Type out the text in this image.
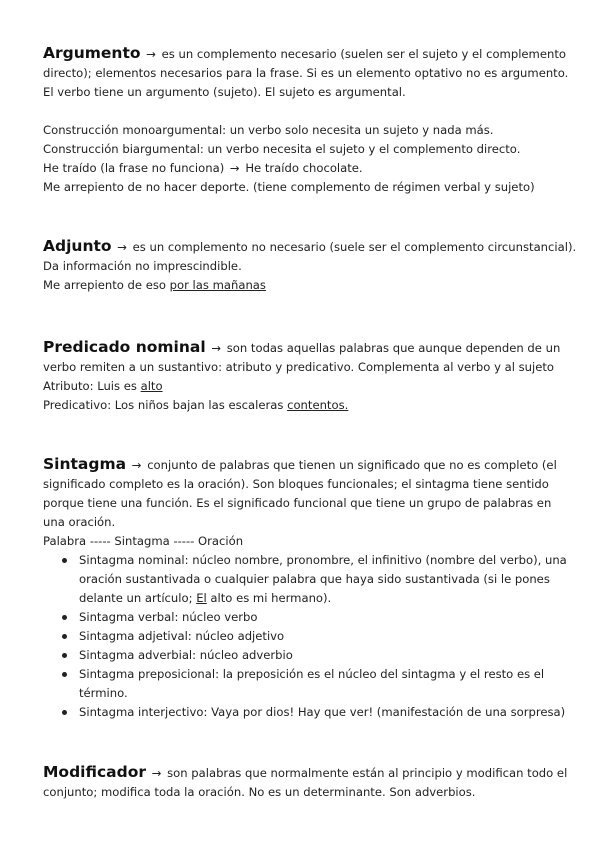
Argumento → es un complemento necesario (suelen ser el sujeto y el complemento

directo); elementos necesarios para la frase. Si es un elemento optativo no es argumento.

El verbo tiene un argumento (sujeto). El sujeto es argumental.

Construcción monoargumental: un verbo solo necesita un sujeto y nada más.

Construcción biargumental: un verbo necesita el sujeto y el complemento directo.

He traído (la frase no funciona) → He traído chocolate.

Me arrepiento de no hacer deporte. (tiene complemento de régimen verbal y sujeto)

Adjunto → es un complemento no necesario (suele ser el complemento circunstancial).

Da información no imprescindible.

Me arrepiento de eso por las mañanas

Predicado nominal → son todas aquellas palabras que aunque dependen de un

verbo remiten a un sustantivo: atributo y predicativo. Complementa al verbo y al sujeto

Atributo: Luis es alto

Predicativo: Los niños bajan las escaleras contentos.

Sintagma → conjunto de palabras que tienen un significado que no es completo (el

significado completo es la oración). Son bloques funcionales; el sintagma tiene sentido

porque tiene una función. Es el significado funcional que tiene un grupo de palabras en

una oración.

Palabra ----- Sintagma ----- Oración

Sintagma nominal: núcleo nombre, pronombre, el infinitivo (nombre del verbo), una

oración sustantivada o cualquier palabra que haya sido sustantivada (si le pones

delante un artículo; El alto es mi hermano).

Sintagma verbal: núcleo verbo

Sintagma adjetival: núcleo adjetivo

Sintagma adverbial: núcleo adverbio

Sintagma preposicional: la preposición es el núcleo del sintagma y el resto es el

término.

Sintagma interjectivo: Vaya por dios! Hay que ver! (manifestación de una sorpresa)

Modificador → son palabras que normalmente están al principio y modifican todo el

conjunto; modifica toda la oración. No es un determinante. Son adverbios.
